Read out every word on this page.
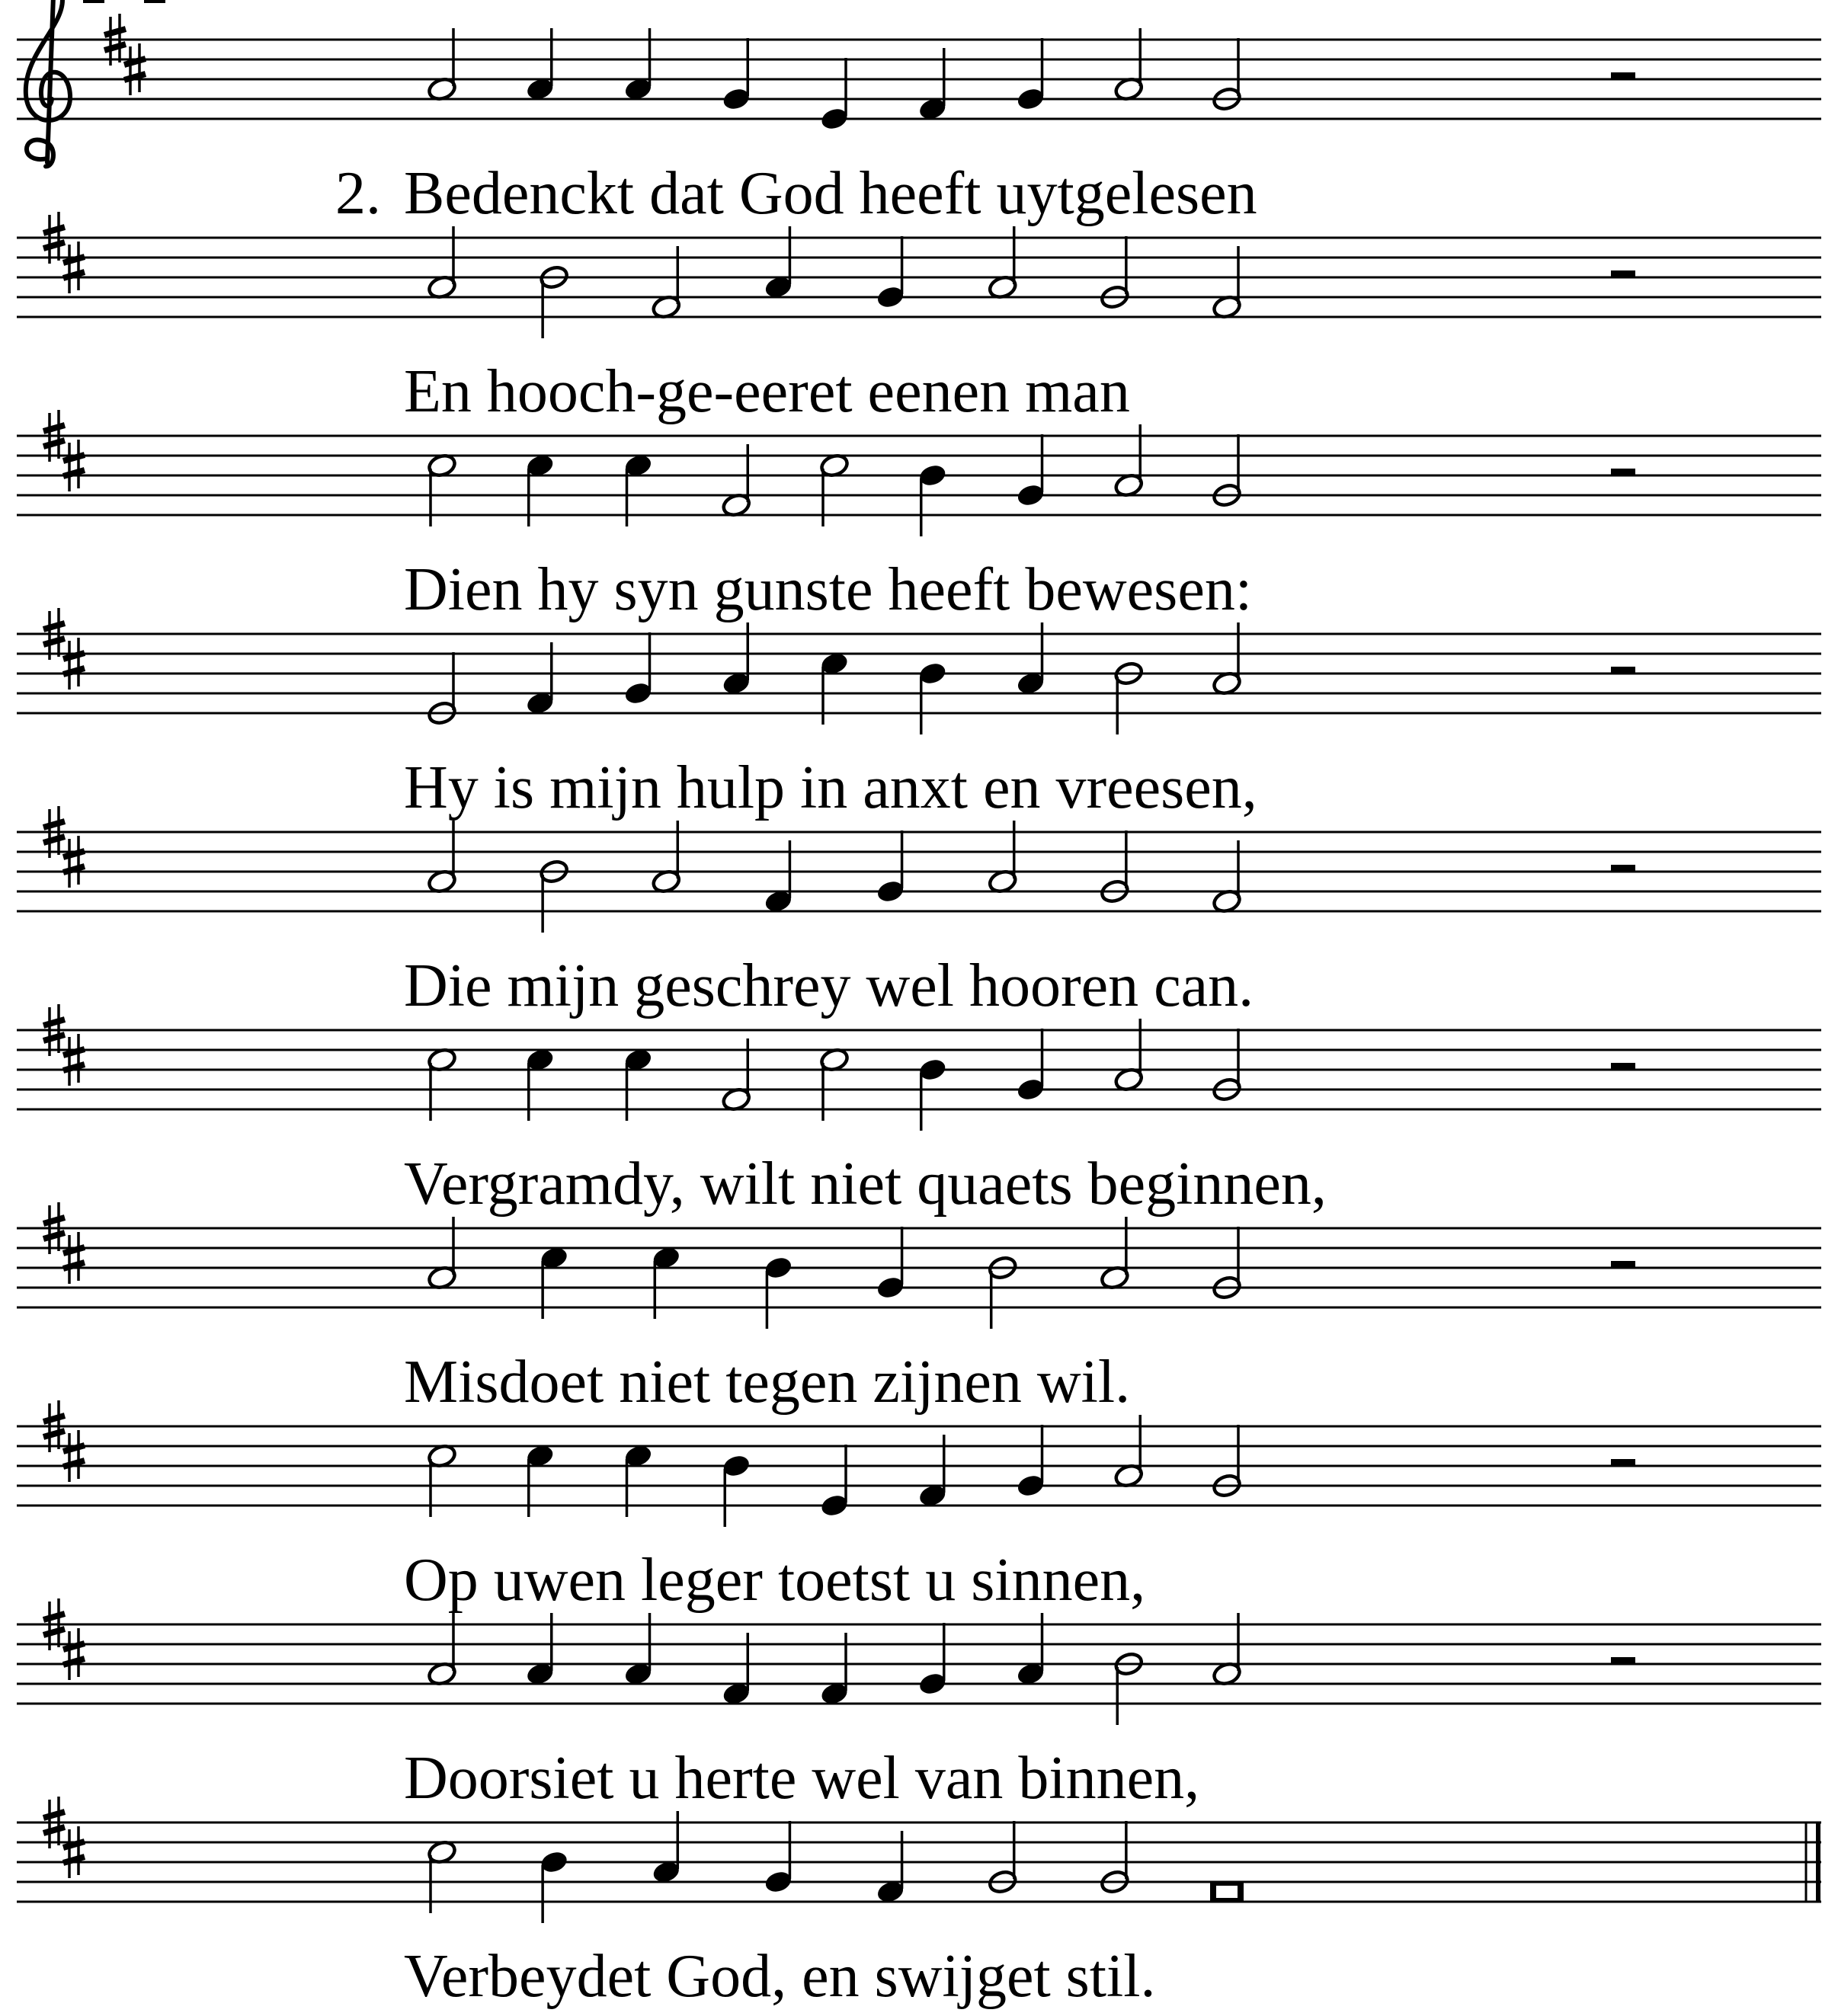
2. Bedenckt dat God heeft uytgelesen
En hooch-ge-eeret eenen man
Dien hy syn gunste heeft bewesen:
Hy is mijn hulp in anxt en vreesen,
Die mijn geschrey wel hooren can.
Vergramdy, wilt niet quaets beginnen,
Misdoet niet tegen zijnen wil.
Op uwen leger toetst u sinnen,
Doorsiet u herte wel van binnen,
Verbeydet God, en swijget stil.
